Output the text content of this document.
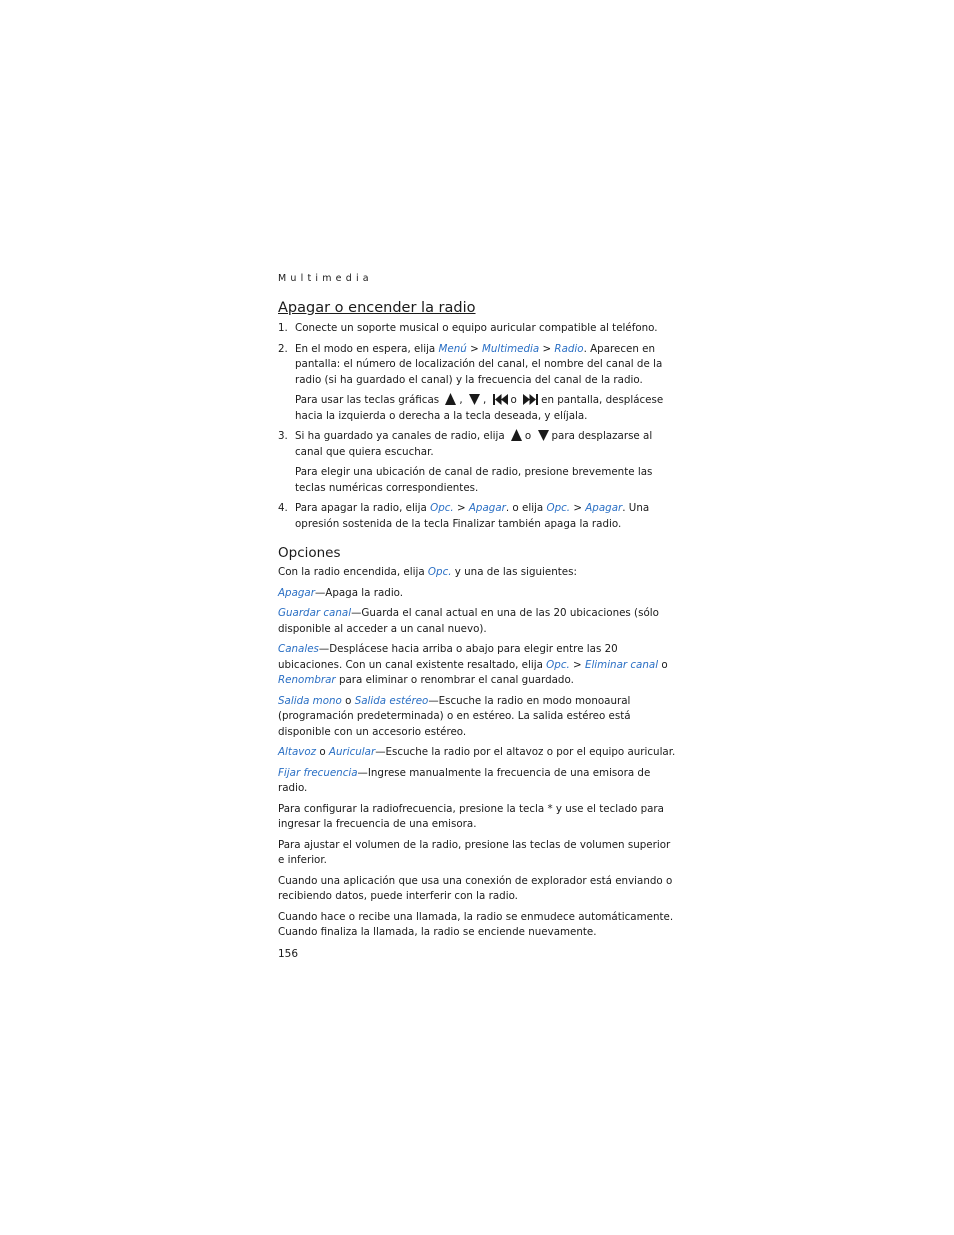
Multimedia
Apagar o encender la radio
1. Conecte un soporte musical o equipo auricular compatible al teléfono.

2. En el modo en espera, elija Menú > Multimedia > Radio. Aparecen en pantalla: el número de localización del canal, el nombre del canal de la radio (si ha guardado el canal) y la frecuencia del canal de la radio.

Para usar las teclas gráficas , , o en pantalla, desplácese hacia la izquierda o derecha a la tecla deseada, y elíjala.

3. Si ha guardado ya canales de radio, elija o para desplazarse al canal que quiera escuchar.

Para elegir una ubicación de canal de radio, presione brevemente las teclas numéricas correspondientes.

4. Para apagar la radio, elija Opc. > Apagar. o elija Opc. > Apagar. Una opresión sostenida de la tecla Finalizar también apaga la radio.

Opciones

Con la radio encendida, elija Opc. y una de las siguientes:

Apagar—Apaga la radio.

Guardar canal—Guarda el canal actual en una de las 20 ubicaciones (sólo disponible al acceder a un canal nuevo).

Canales—Desplácese hacia arriba o abajo para elegir entre las 20 ubicaciones. Con un canal existente resaltado, elija Opc. > Eliminar canal o Renombrar para eliminar o renombrar el canal guardado.

Salida mono o Salida estéreo—Escuche la radio en modo monoaural (programación predeterminada) o en estéreo. La salida estéreo está disponible con un accesorio estéreo.

Altavoz o Auricular—Escuche la radio por el altavoz o por el equipo auricular.

Fijar frecuencia—Ingrese manualmente la frecuencia de una emisora de radio.

Para configurar la radiofrecuencia, presione la tecla * y use el teclado para ingresar la frecuencia de una emisora.

Para ajustar el volumen de la radio, presione las teclas de volumen superior e inferior.

Cuando una aplicación que usa una conexión de explorador está enviando o recibiendo datos, puede interferir con la radio.

Cuando hace o recibe una llamada, la radio se enmudece automáticamente. Cuando finaliza la llamada, la radio se enciende nuevamente.

156
